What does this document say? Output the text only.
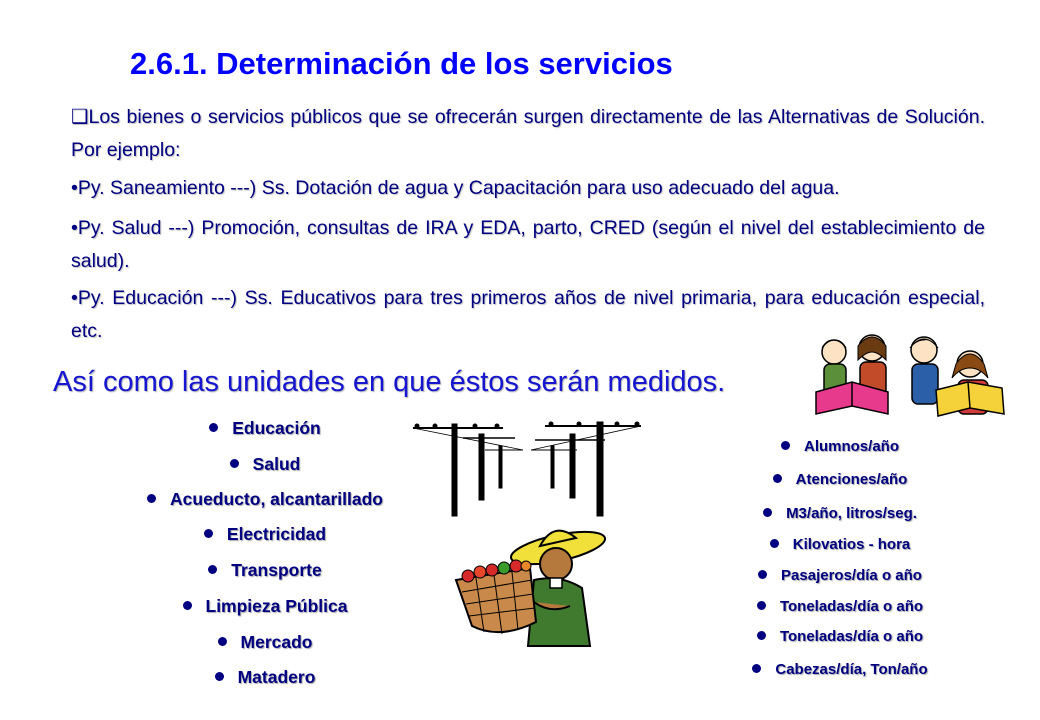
2.6.1. Determinación de los servicios
❑Los bienes o servicios públicos que se ofrecerán surgen directamente de las Alternativas de Solución. Por ejemplo:
•Py. Saneamiento ---) Ss. Dotación de agua y Capacitación para uso adecuado del agua.
•Py. Salud ---) Promoción, consultas de IRA y EDA, parto, CRED (según el nivel del establecimiento de salud).
•Py. Educación ---) Ss. Educativos para tres primeros años de nivel primaria, para educación especial, etc.
Así como las unidades en que éstos serán medidos.
Educación
Salud
Acueducto, alcantarillado
Electricidad
Transporte
Limpieza Pública
Mercado
Matadero
Alumnos/año
Atenciones/año
M3/año, litros/seg.
Kilovatios - hora
Pasajeros/día o año
Toneladas/día o año
Toneladas/día o año
Cabezas/día, Ton/año
